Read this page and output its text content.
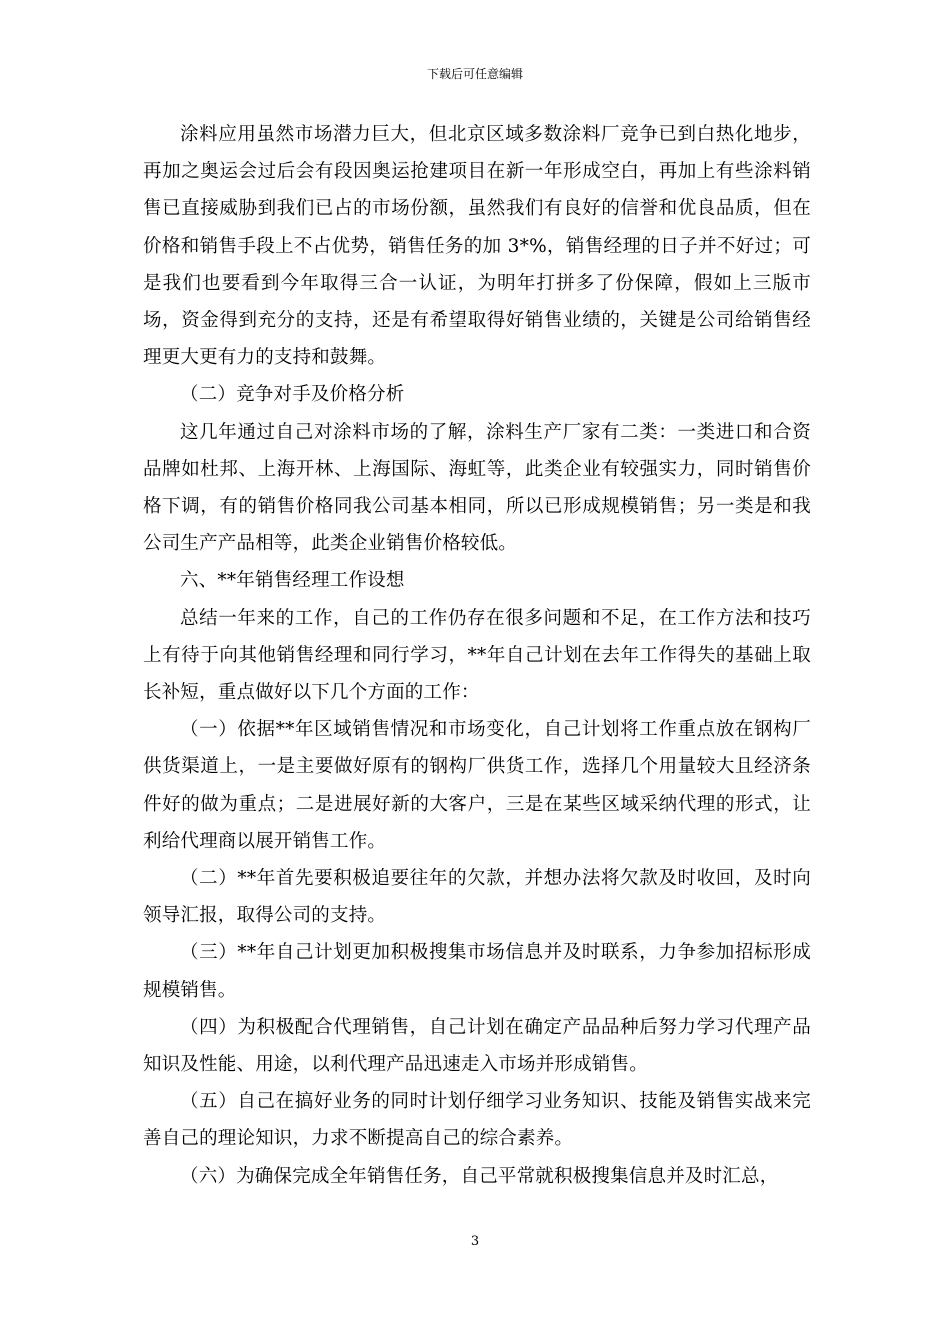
下载后可任意编辑

涂料应用虽然市场潜力巨大，但北京区域多数涂料厂竞争已到白热化地步，再加之奥运会过后会有段因奥运抢建项目在新一年形成空白，再加上有些涂料销售已直接威胁到我们已占的市场份额，虽然我们有良好的信誉和优良品质，但在价格和销售手段上不占优势，销售任务的加 3*%，销售经理的日子并不好过；可是我们也要看到今年取得三合一认证，为明年打拼多了份保障，假如上三版市场，资金得到充分的支持，还是有希望取得好销售业绩的，关键是公司给销售经理更大更有力的支持和鼓舞。

（二）竞争对手及价格分析

这几年通过自己对涂料市场的了解，涂料生产厂家有二类：一类进口和合资品牌如杜邦、上海开林、上海国际、海虹等，此类企业有较强实力，同时销售价格下调，有的销售价格同我公司基本相同，所以已形成规模销售；另一类是和我公司生产产品相等，此类企业销售价格较低。

六、**年销售经理工作设想

总结一年来的工作，自己的工作仍存在很多问题和不足，在工作方法和技巧上有待于向其他销售经理和同行学习，**年自己计划在去年工作得失的基础上取长补短，重点做好以下几个方面的工作：

（一）依据**年区域销售情况和市场变化，自己计划将工作重点放在钢构厂供货渠道上，一是主要做好原有的钢构厂供货工作，选择几个用量较大且经济条件好的做为重点；二是进展好新的大客户，三是在某些区域采纳代理的形式，让利给代理商以展开销售工作。

（二）**年首先要积极追要往年的欠款，并想办法将欠款及时收回，及时向领导汇报，取得公司的支持。

（三）**年自己计划更加积极搜集市场信息并及时联系，力争参加招标形成规模销售。

（四）为积极配合代理销售，自己计划在确定产品品种后努力学习代理产品知识及性能、用途，以利代理产品迅速走入市场并形成销售。

（五）自己在搞好业务的同时计划仔细学习业务知识、技能及销售实战来完善自己的理论知识，力求不断提高自己的综合素养。

（六）为确保完成全年销售任务，自己平常就积极搜集信息并及时汇总，

3
